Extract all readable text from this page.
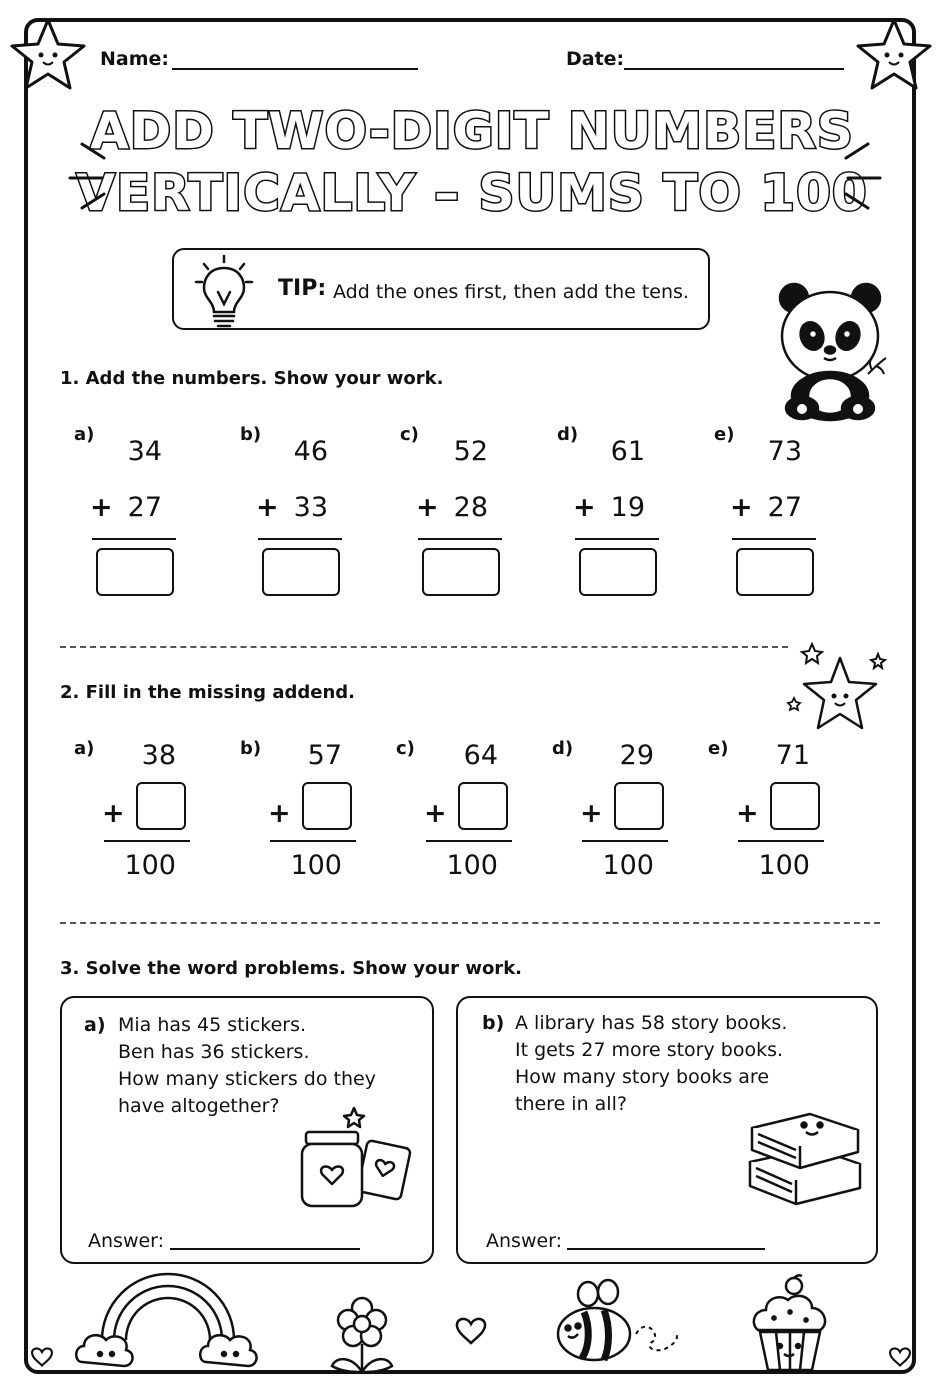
Name:	Date:
ADD TWO-DIGIT NUMBERS
VERTICALLY – SUMS TO 100
TIP: Add the ones first, then add the tens.
1. Add the numbers. Show your work.
a)
34
+ 27
b)
46
+ 33
c)
52
+ 28
d)
61
+ 19
e)
73
+ 27
2. Fill in the missing addend.
a)	38
+
100
b)	57
+
100
c)	64
+
100
d)	29
+
100
e)	71
+
100
3. Solve the word problems. Show your work.
a) Mia has 45 stickers.
Ben has 36 stickers.
How many stickers do they
have altogether?
Answer:
b) A library has 58 story books.
It gets 27 more story books.
How many story books are
there in all?
Answer:
